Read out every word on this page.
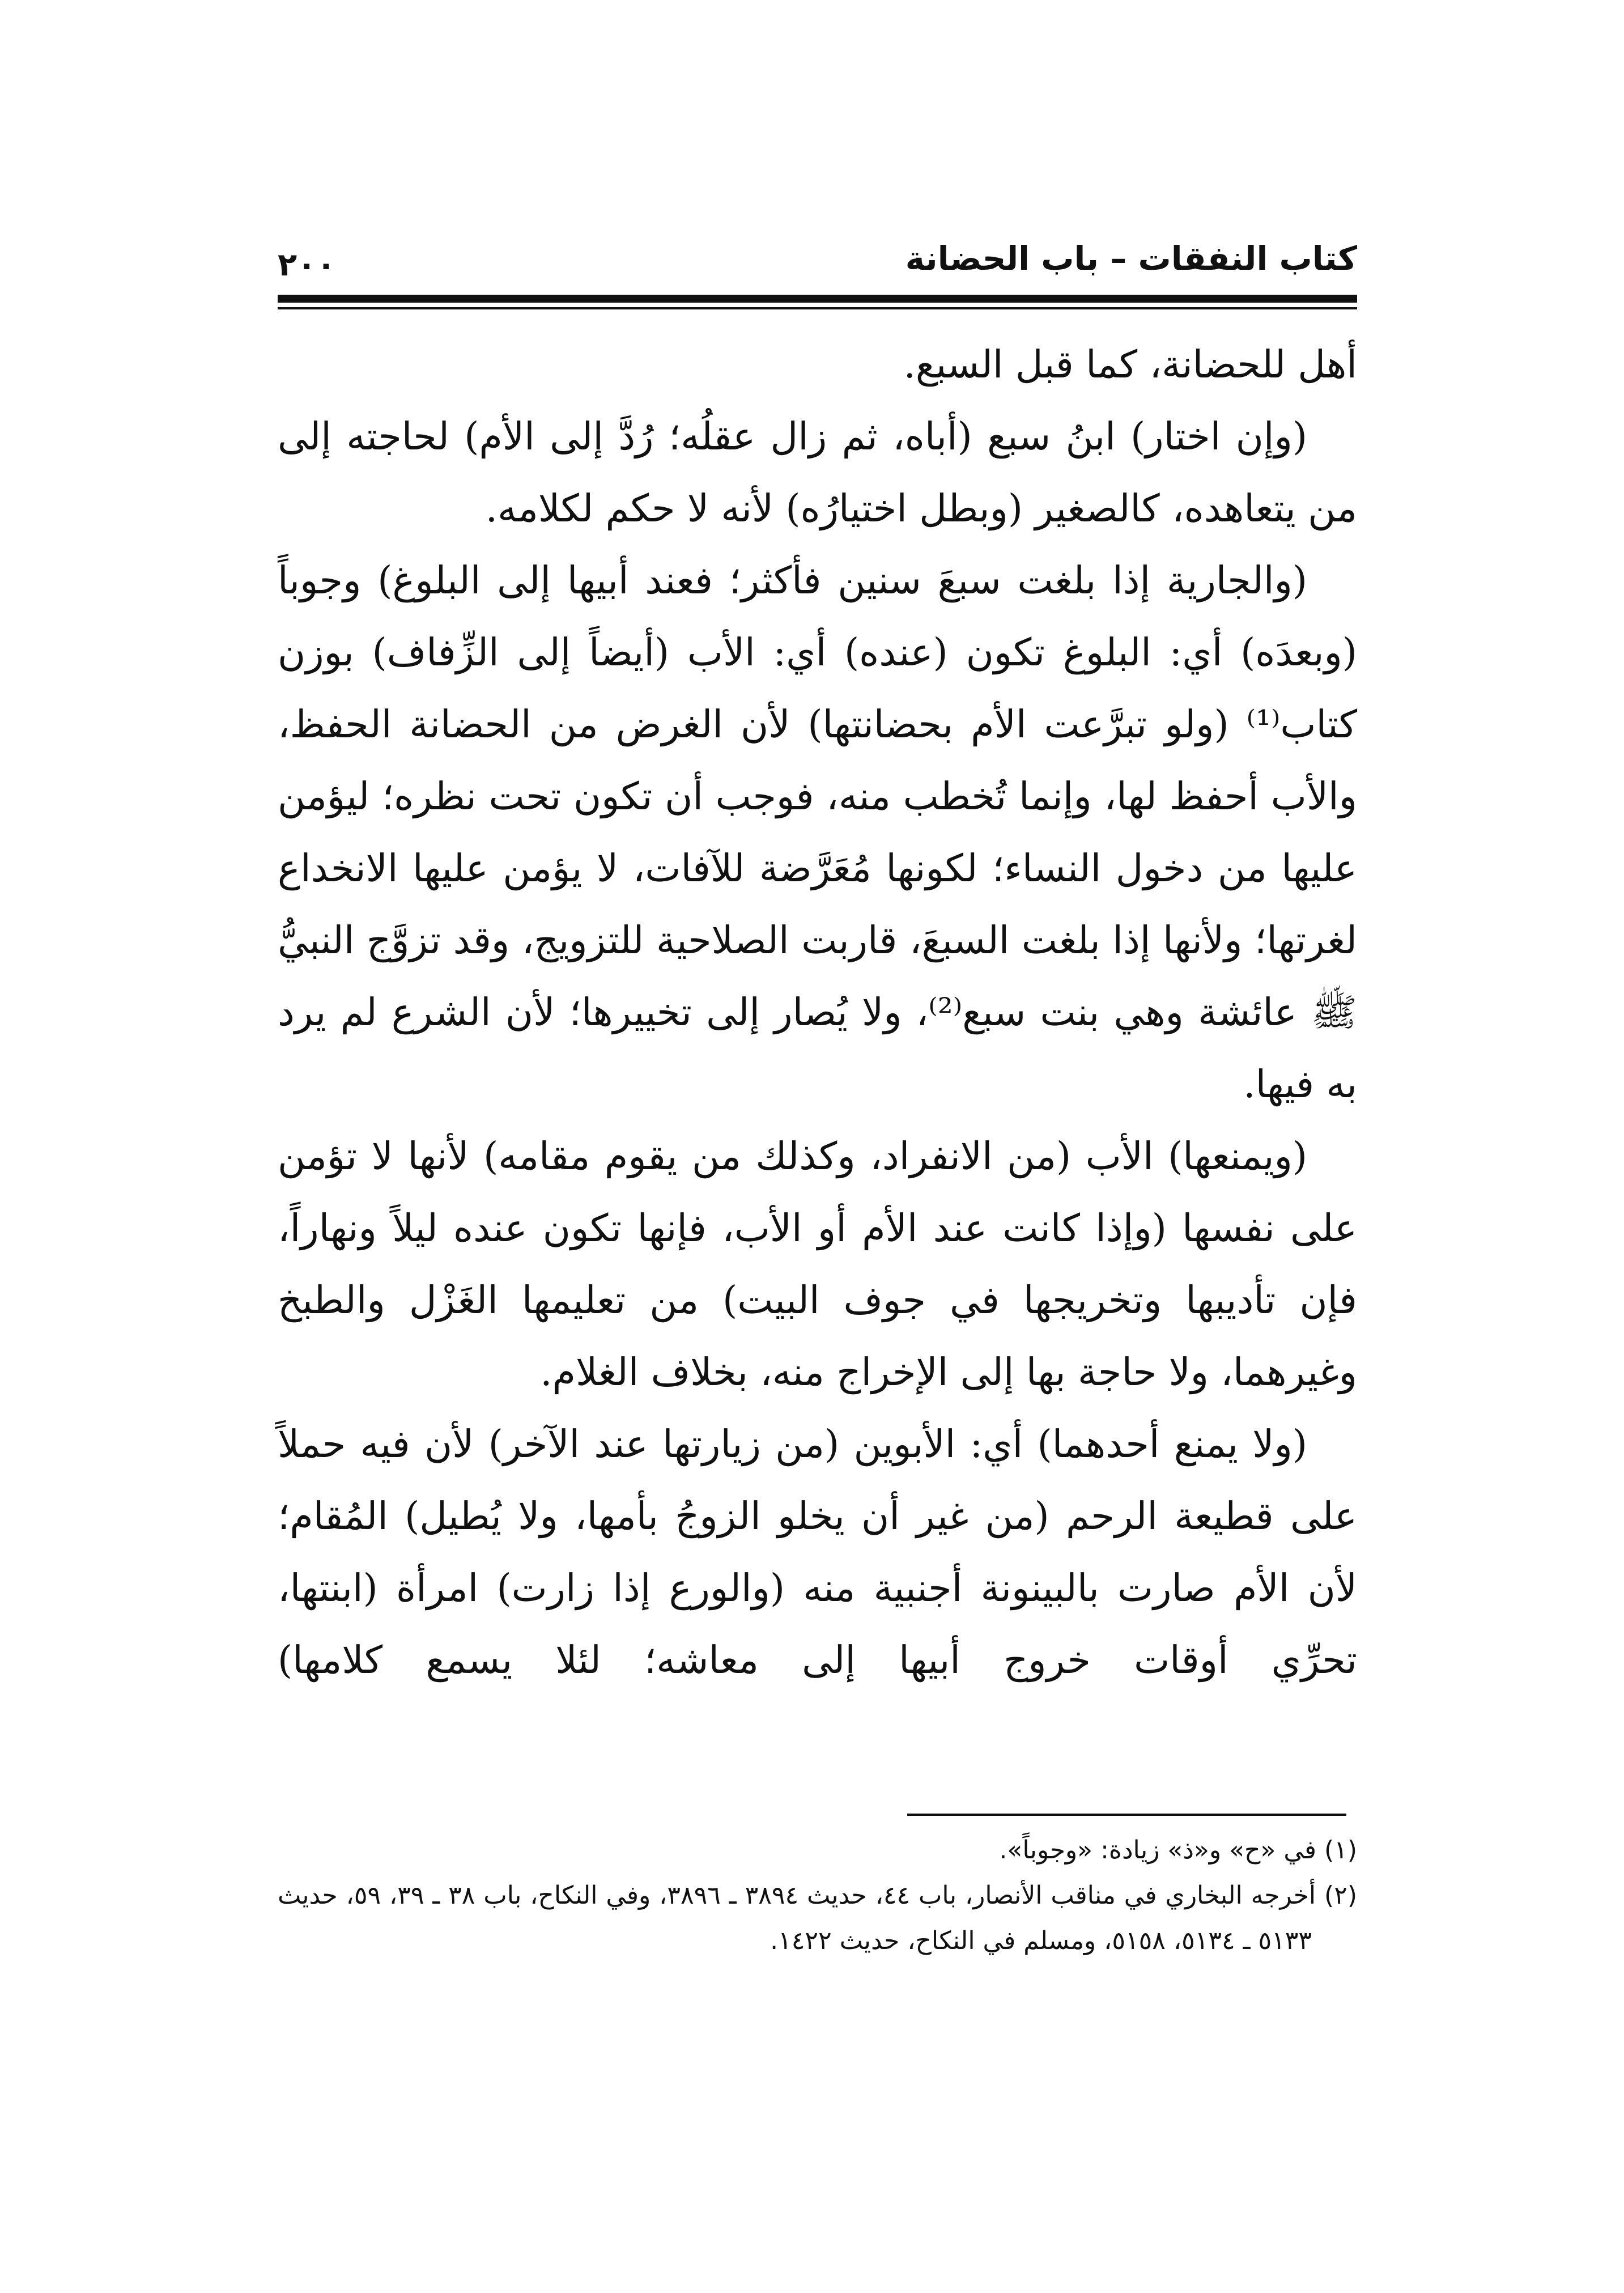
كتاب النفقات – باب الحضانة
٢٠٠

أهل للحضانة، كما قبل السبع.

(وإن اختار) ابنُ سبع (أباه، ثم زال عقلُه؛ رُدَّ إلى الأم) لحاجته إلى من يتعاهده، كالصغير (وبطل اختيارُه) لأنه لا حكم لكلامه.

(والجارية إذا بلغت سبعَ سنين فأكثر؛ فعند أبيها إلى البلوغ) وجوباً (وبعدَه) أي: البلوغ تكون (عنده) أي: الأب (أيضاً إلى الزِّفاف) بوزن كتاب⁽¹⁾ (ولو تبرَّعت الأم بحضانتها) لأن الغرض من الحضانة الحفظ، والأب أحفظ لها، وإنما تُخطب منه، فوجب أن تكون تحت نظره؛ ليؤمن عليها من دخول النساء؛ لكونها مُعَرَّضة للآفات، لا يؤمن عليها الانخداع لغرتها؛ ولأنها إذا بلغت السبعَ، قاربت الصلاحية للتزويج، وقد تزوَّج النبيُّ ﷺ عائشة وهي بنت سبع⁽²⁾، ولا يُصار إلى تخييرها؛ لأن الشرع لم يرد به فيها.

(ويمنعها) الأب (من الانفراد، وكذلك من يقوم مقامه) لأنها لا تؤمن على نفسها (وإذا كانت عند الأم أو الأب، فإنها تكون عنده ليلاً ونهاراً، فإن تأديبها وتخريجها في جوف البيت) من تعليمها الغَزْل والطبخ وغيرهما، ولا حاجة بها إلى الإخراج منه، بخلاف الغلام.

(ولا يمنع أحدهما) أي: الأبوين (من زيارتها عند الآخر) لأن فيه حملاً على قطيعة الرحم (من غير أن يخلو الزوجُ بأمها، ولا يُطيل) المُقام؛ لأن الأم صارت بالبينونة أجنبية منه (والورع إذا زارت) امرأة (ابنتها، تحرِّي أوقات خروج أبيها إلى معاشه؛ لئلا يسمع كلامها)

(١) في «ح» و«ذ» زيادة: «وجوباً».

(٢) أخرجه البخاري في مناقب الأنصار، باب ٤٤، حديث ٣٨٩٤ ـ ٣٨٩٦، وفي النكاح، باب ٣٨ ـ ٣٩، ٥٩، حديث ٥١٣٣ ـ ٥١٣٤، ٥١٥٨، ومسلم في النكاح، حديث ١٤٢٢.
